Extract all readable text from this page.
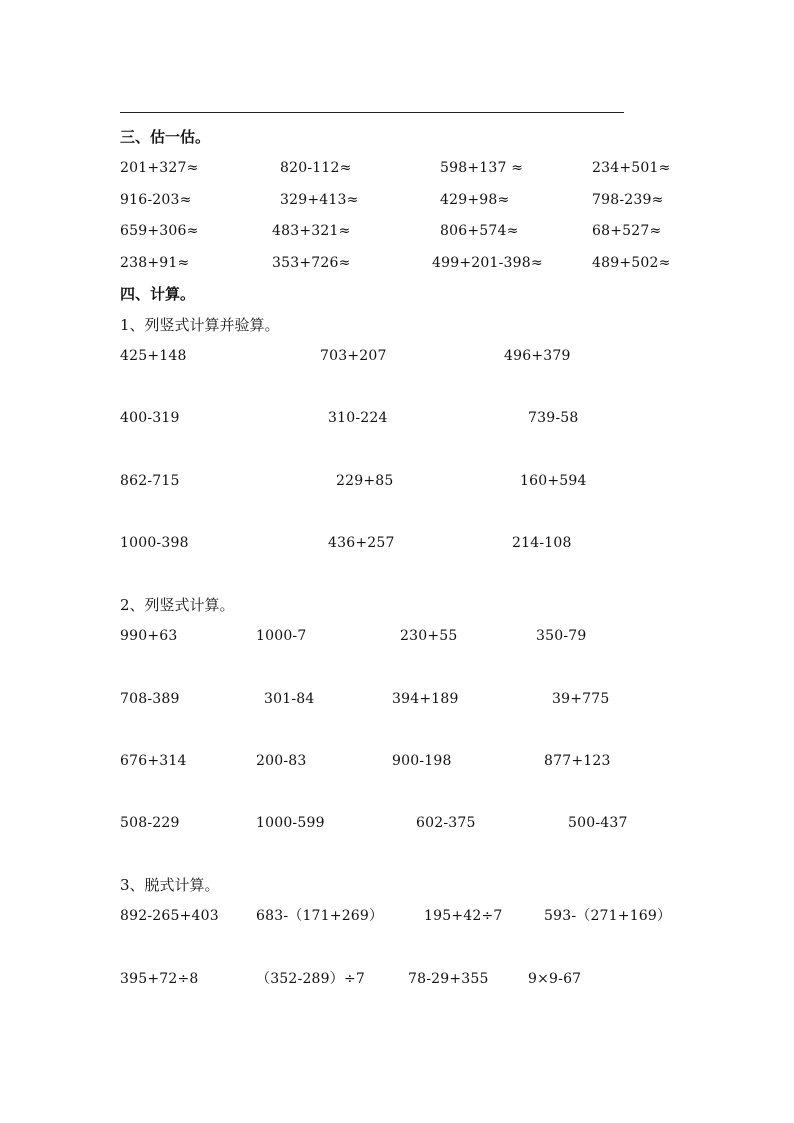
三、估一估。
201+327≈	820-112≈	598+137 ≈	234+501≈
916-203≈	329+413≈	429+98≈	798-239≈
659+306≈	483+321≈	806+574≈	68+527≈
238+91≈	353+726≈	499+201-398≈	489+502≈
四、计算。
1、列竖式计算并验算。
425+148	703+207	496+379
400-319	310-224	739-58
862-715	229+85	160+594
1000-398	436+257	214-108
2、列竖式计算。
990+63	1000-7	230+55	350-79
708-389	301-84	394+189	39+775
676+314	200-83	900-198	877+123
508-229	1000-599	602-375	500-437
3、脱式计算。
892-265+403	683-（171+269）	195+42÷7	593-（271+169）
395+72÷8	（352-289）÷7	78-29+355	9×9-67
